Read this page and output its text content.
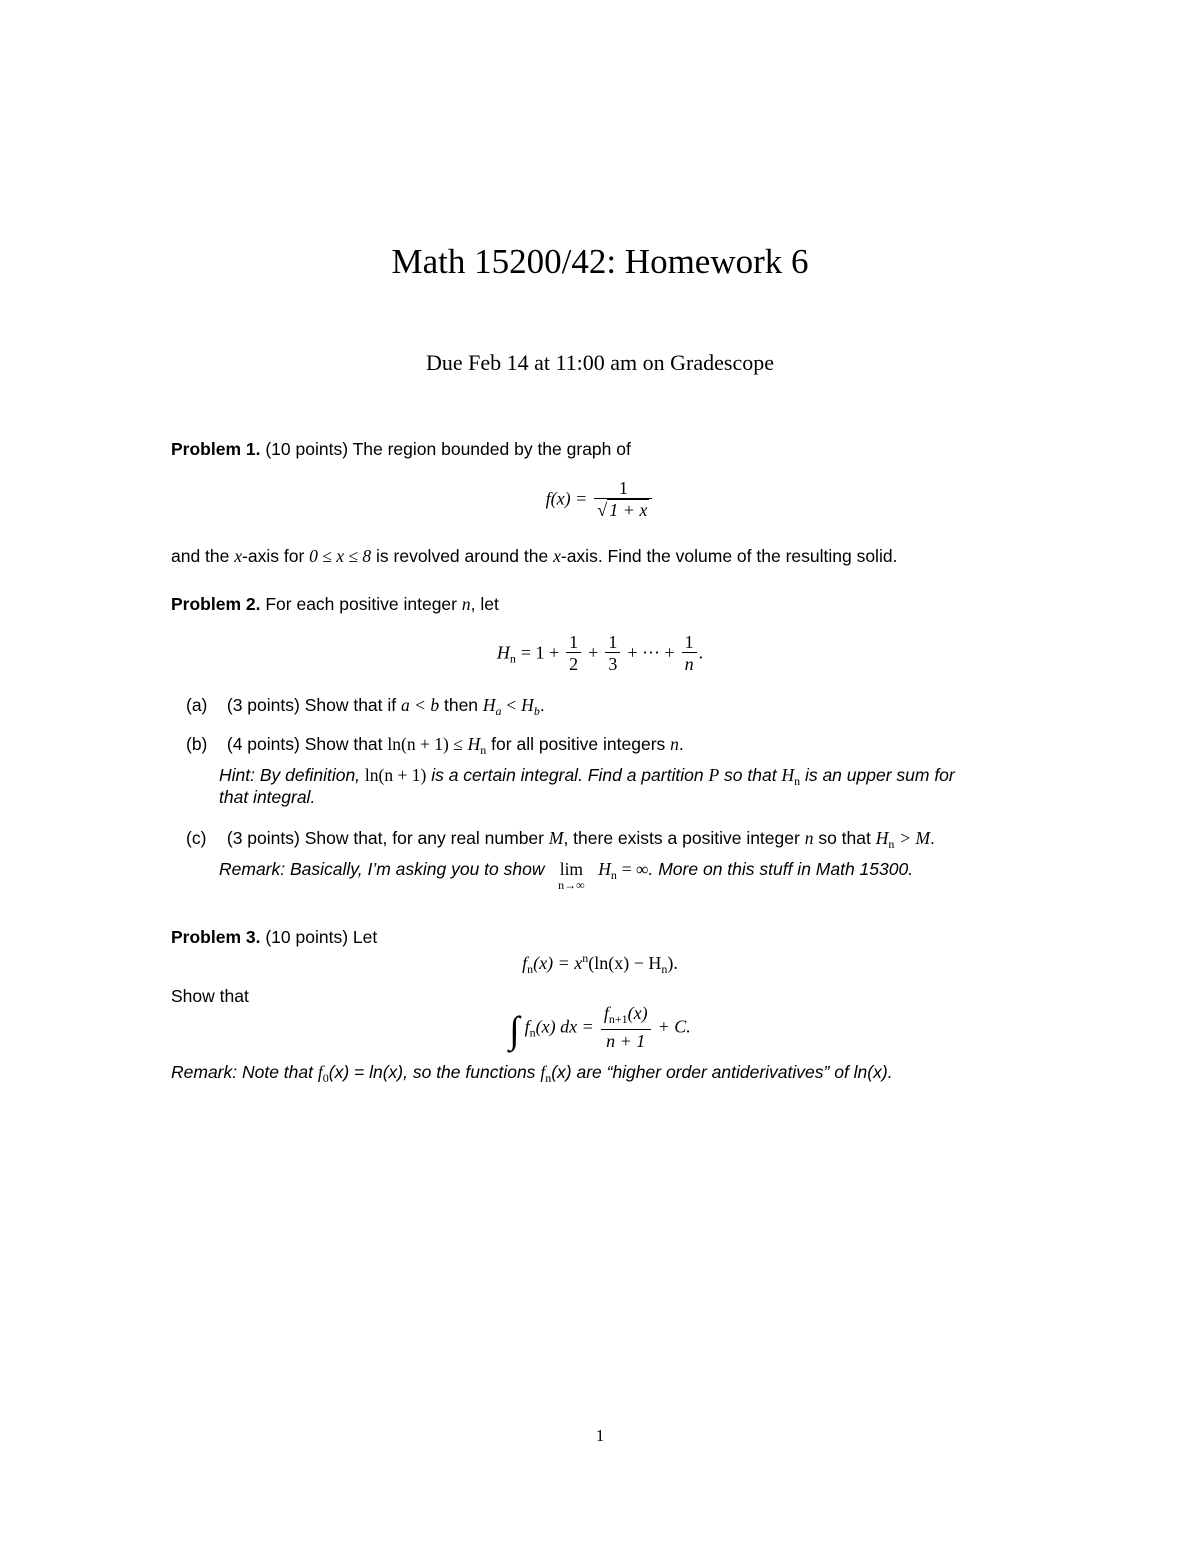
Math 15200/42: Homework 6
Due Feb 14 at 11:00 am on Gradescope
Problem 1. (10 points) The region bounded by the graph of
$f(x) = \frac{1}{√ 1 + x}$
and the x-axis for 0 ≤ x ≤ 8 is revolved around the x-axis. Find the volume of the resulting solid.
Problem 2. For each positive integer n, let
$H_n = 1 + \frac{1}{2} + \frac{1}{3}$ + ··· + $\frac{1}{n}$ .
(a) (3 points) Show that if a < b then $H_a < H_b$.
(b) (4 points) Show that $\ln(n + 1) \le H_n$ for all positive integers n.
Hint: By definition, ln(n + 1) is a certain integral. Find a partition P so that $H_n$ is an upper sum for
that integral.
(c) (3 points) Show that, for any real number M, there exists a positive integer n so that $H_n > M$.
Remark: Basically, I’m asking you to show lim
n→∞
$H_n$ = ∞. More on this stuff in Math 15300.
Problem 3. (10 points) Let
$f_n(x) = x^n(\ln(x) - H_n)$.
Show that
∫ $f_n(x)$ dx = $\frac{f_{n+1}(x)}{n + 1} + C$.
Remark: Note that $f_0(x) = \ln(x)$, so the functions $f_n(x)$ are “higher order antiderivatives” of ln(x).
1
